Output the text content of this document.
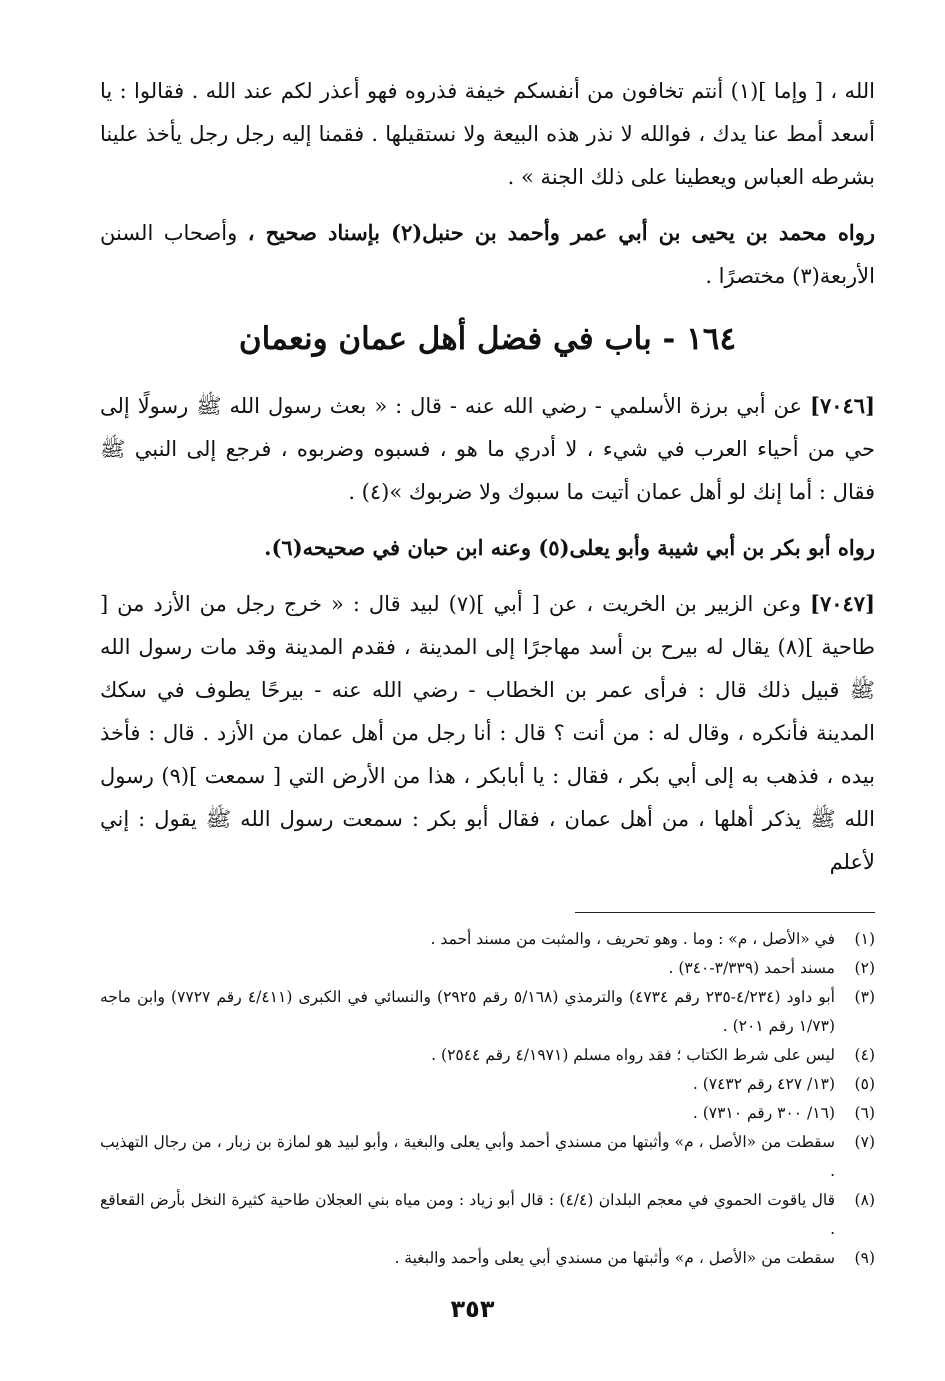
الله ، [ وإما ](١) أنتم تخافون من أنفسكم خيفة فذروه فهو أعذر لكم عند الله . فقالوا : يا أسعد أمط عنا يدك ، فوالله لا نذر هذه البيعة ولا نستقيلها . فقمنا إليه رجل رجل يأخذ علينا بشرطه العباس ويعطينا على ذلك الجنة » .

رواه محمد بن يحيى بن أبي عمر وأحمد بن حنبل(٢) بإسناد صحيح ، وأصحاب السنن الأربعة(٣) مختصرًا .

١٦٤ - باب في فضل أهل عمان ونعمان

[٧٠٤٦] عن أبي برزة الأسلمي - رضي الله عنه - قال : « بعث رسول الله ﷺ رسولًا إلى حي من أحياء العرب في شيء ، لا أدري ما هو ، فسبوه وضربوه ، فرجع إلى النبي ﷺ فقال : أما إنك لو أهل عمان أتيت ما سبوك ولا ضربوك »(٤) .

رواه أبو بكر بن أبي شيبة وأبو يعلى(٥) وعنه ابن حبان في صحيحه(٦).

[٧٠٤٧] وعن الزبير بن الخريت ، عن [ أبي ](٧) لبيد قال : « خرج رجل من الأزد من [ طاحية ](٨) يقال له بيرح بن أسد مهاجرًا إلى المدينة ، فقدم المدينة وقد مات رسول الله ﷺ قبيل ذلك قال : فرأى عمر بن الخطاب - رضي الله عنه - بيرحًا يطوف في سكك المدينة فأنكره ، وقال له : من أنت ؟ قال : أنا رجل من أهل عمان من الأزد . قال : فأخذ بيده ، فذهب به إلى أبي بكر ، فقال : يا أبابكر ، هذا من الأرض التي [ سمعت ](٩) رسول الله ﷺ يذكر أهلها ، من أهل عمان ، فقال أبو بكر : سمعت رسول الله ﷺ يقول : إني لأعلم

(١)
في «الأصل ، م» : وما . وهو تحريف ، والمثبت من مسند أحمد .
(٢)
مسند أحمد (٣/٣٣٩-٣٤٠) .
(٣)
أبو داود (٤/٢٣٤-٢٣٥ رقم ٤٧٣٤) والترمذي (٥/١٦٨ رقم ٢٩٢٥) والنسائي في الكبرى (٤/٤١١ رقم ٧٧٢٧) وابن ماجه (١/٧٣ رقم ٢٠١) .
(٤)
ليس على شرط الكتاب ؛ فقد رواه مسلم (٤/١٩٧١ رقم ٢٥٤٤) .
(٥)
(١٣/ ٤٢٧ رقم ٧٤٣٢) .
(٦)
(١٦/ ٣٠٠ رقم ٧٣١٠) .
(٧)
سقطت من «الأصل ، م» وأثبتها من مسندي أحمد وأبي يعلى والبغية ، وأبو لبيد هو لمازة بن زبار ، من رجال التهذيب .
(٨)
قال ياقوت الحموي في معجم البلدان (٤/٤) : قال أبو زياد : ومن مياه بني العجلان طاحية كثيرة النخل بأرض القعاقع .
(٩)
سقطت من «الأصل ، م» وأثبتها من مسندي أبي يعلى وأحمد والبغية .
٣٥٣
